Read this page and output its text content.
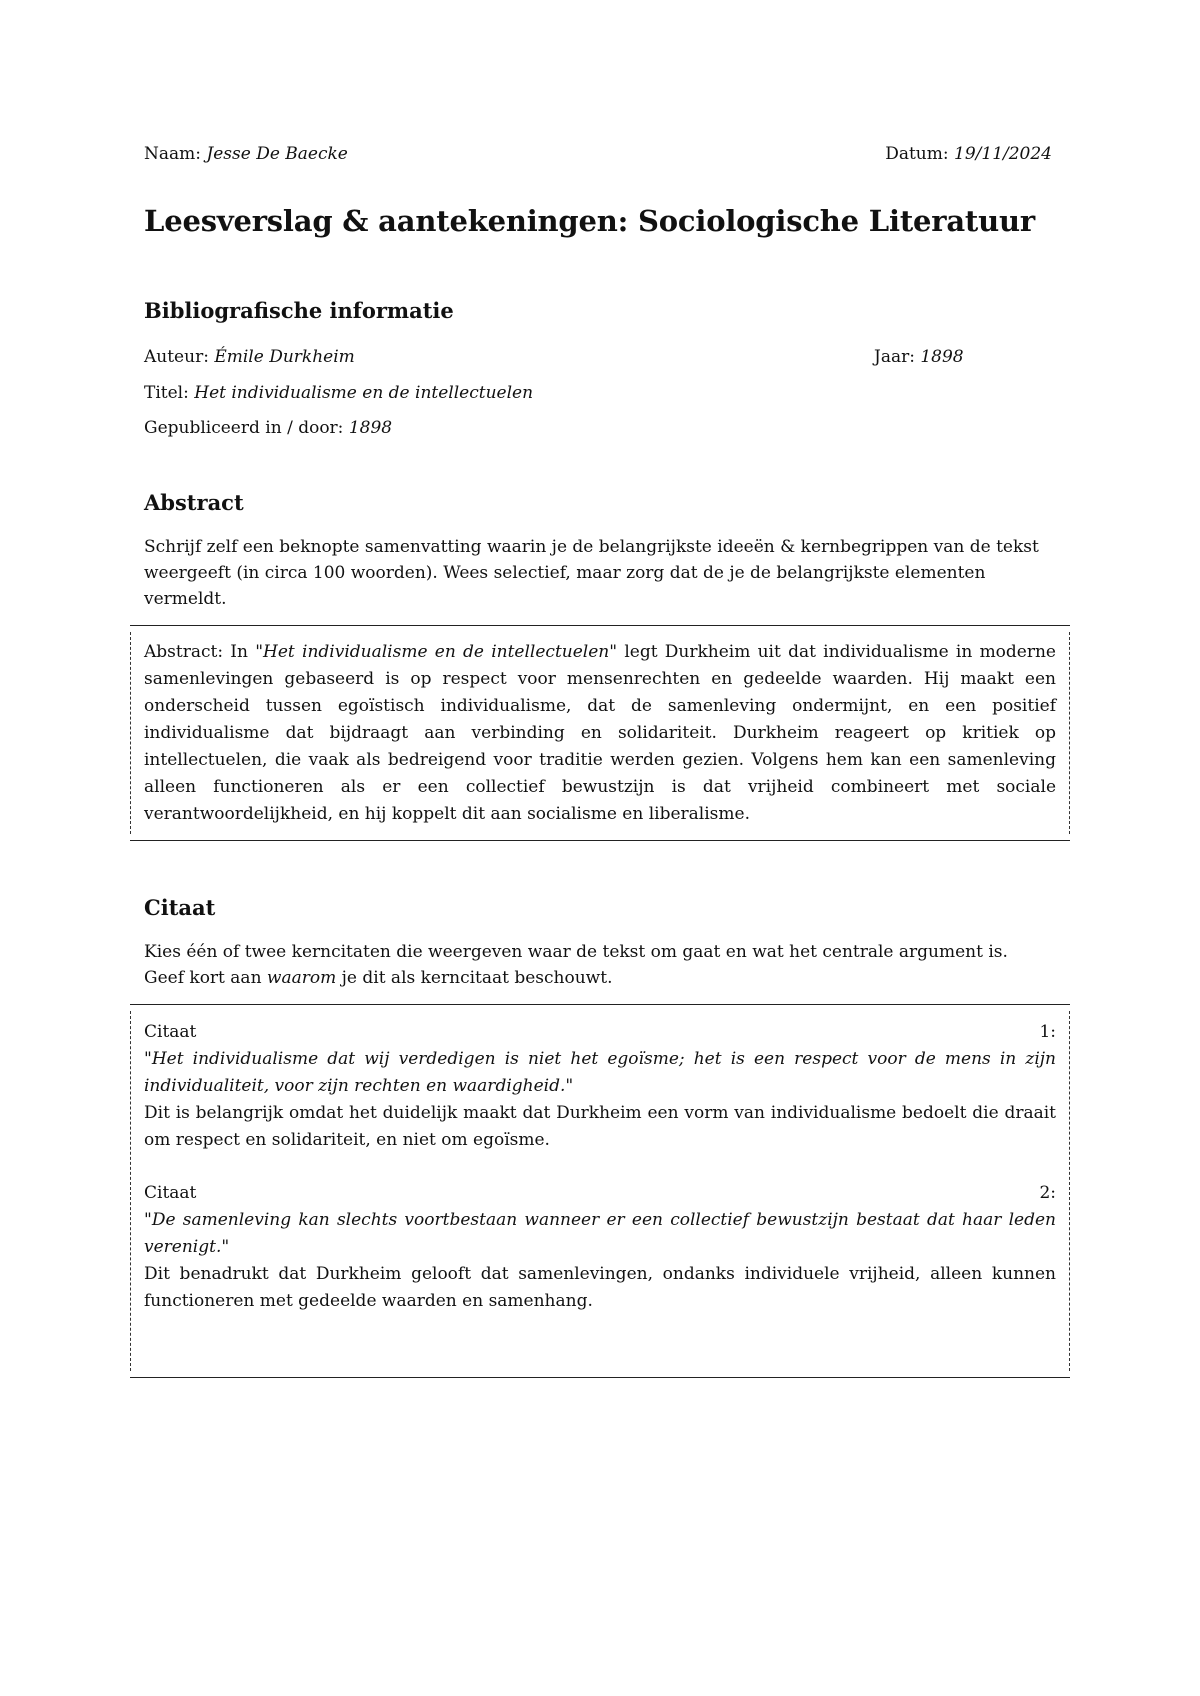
Naam: Jesse De Baecke	Datum: 19/11/2024
Leesverslag & aantekeningen: Sociologische Literatuur
Bibliografische informatie
Auteur: Émile Durkheim	Jaar: 1898
Titel: Het individualisme en de intellectuelen
Gepubliceerd in / door: 1898
Abstract

Schrijf zelf een beknopte samenvatting waarin je de belangrijkste ideeën & kernbegrippen van de tekst weergeeft (in circa 100 woorden). Wees selectief, maar zorg dat de je de belangrijkste elementen vermeldt.

Abstract: In "Het individualisme en de intellectuelen" legt Durkheim uit dat individualisme in moderne samenlevingen gebaseerd is op respect voor mensenrechten en gedeelde waarden. Hij maakt een onderscheid tussen egoïstisch individualisme, dat de samenleving ondermijnt, en een positief individualisme dat bijdraagt aan verbinding en solidariteit. Durkheim reageert op kritiek op intellectuelen, die vaak als bedreigend voor traditie werden gezien. Volgens hem kan een samenleving alleen functioneren als er een collectief bewustzijn is dat vrijheid combineert met sociale verantwoordelijkheid, en hij koppelt dit aan socialisme en liberalisme.

Citaat

Kies één of twee kerncitaten die weergeven waar de tekst om gaat en wat het centrale argument is.
Geef kort aan waarom je dit als kerncitaat beschouwt.

Citaat	1:

"Het individualisme dat wij verdedigen is niet het egoïsme; het is een respect voor de mens in zijn individualiteit, voor zijn rechten en waardigheid."

Dit is belangrijk omdat het duidelijk maakt dat Durkheim een vorm van individualisme bedoelt die draait om respect en solidariteit, en niet om egoïsme.

Citaat	2:

"De samenleving kan slechts voortbestaan wanneer er een collectief bewustzijn bestaat dat haar leden verenigt."

Dit benadrukt dat Durkheim gelooft dat samenlevingen, ondanks individuele vrijheid, alleen kunnen functioneren met gedeelde waarden en samenhang.
